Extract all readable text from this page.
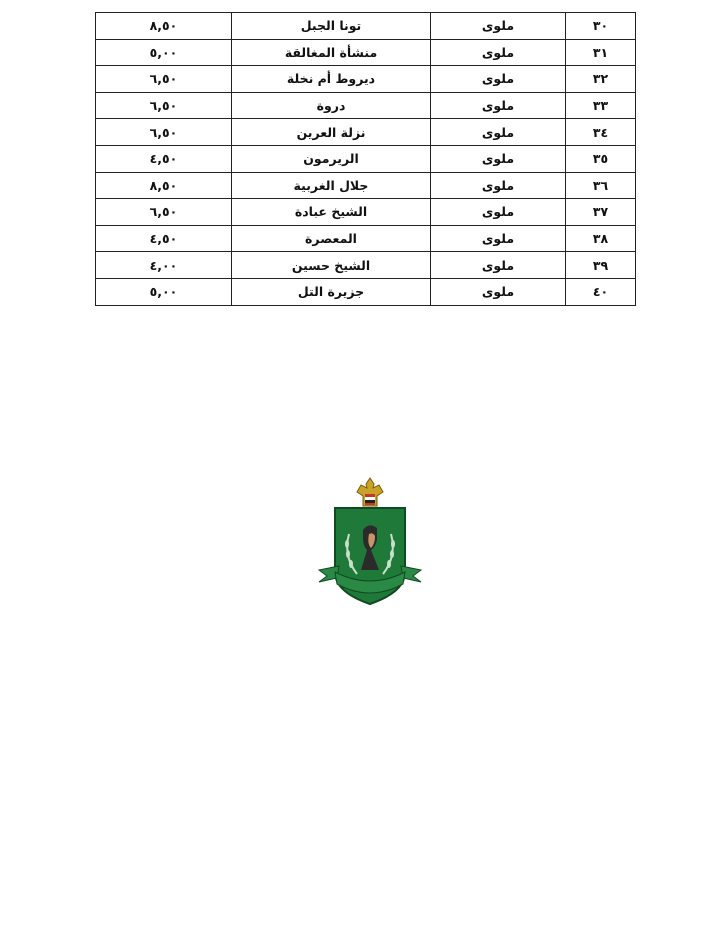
٨,٥٠	تونا الجبل	ملوى	٣٠
٥,٠٠	منشأة المغالقة	ملوى	٣١
٦,٥٠	ديروط أم نخلة	ملوى	٣٢
٦,٥٠	دروة	ملوى	٣٣
٦,٥٠	نزلة العرين	ملوى	٣٤
٤,٥٠	الريرمون	ملوى	٣٥
٨,٥٠	جلال الغربية	ملوى	٣٦
٦,٥٠	الشيخ عبادة	ملوى	٣٧
٤,٥٠	المعصرة	ملوى	٣٨
٤,٠٠	الشيخ حسين	ملوى	٣٩
٥,٠٠	جزيرة التل	ملوى	٤٠
